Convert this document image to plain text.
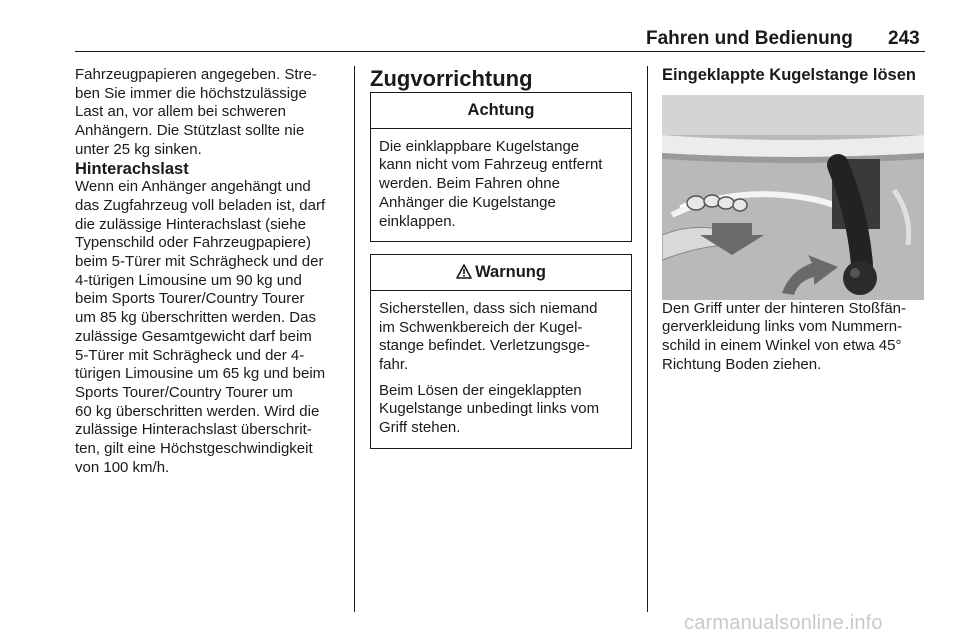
Fahren und Bedienung 243

Fahrzeugpapieren angegeben. Stre-
ben Sie immer die höchstzulässige
Last an, vor allem bei schweren
Anhängern. Die Stützlast sollte nie
unter 25 kg sinken.

Hinterachslast

Wenn ein Anhänger angehängt und
das Zugfahrzeug voll beladen ist, darf
die zulässige Hinterachslast (siehe
Typenschild oder Fahrzeugpapiere)
beim 5-Türer mit Schrägheck und der
4-türigen Limousine um 90 kg und
beim Sports Tourer/Country Tourer
um 85 kg überschritten werden. Das
zulässige Gesamtgewicht darf beim
5-Türer mit Schrägheck und der 4-
türigen Limousine um 65 kg und beim
Sports Tourer/Country Tourer um
60 kg überschritten werden. Wird die
zulässige Hinterachslast überschrit-
ten, gilt eine Höchstgeschwindigkeit
von 100 km/h.

Zugvorrichtung

Achtung

Die einklappbare Kugelstange
kann nicht vom Fahrzeug entfernt
werden. Beim Fahren ohne
Anhänger die Kugelstange
einklappen.

Warnung

Sicherstellen, dass sich niemand
im Schwenkbereich der Kugel-
stange befindet. Verletzungsge-
fahr.

Beim Lösen der eingeklappten
Kugelstange unbedingt links vom
Griff stehen.

Eingeklappte Kugelstange lösen

Den Griff unter der hinteren Stoßfän-
gerverkleidung links vom Nummern-
schild in einem Winkel von etwa 45°
Richtung Boden ziehen.

carmanualsonline.info
